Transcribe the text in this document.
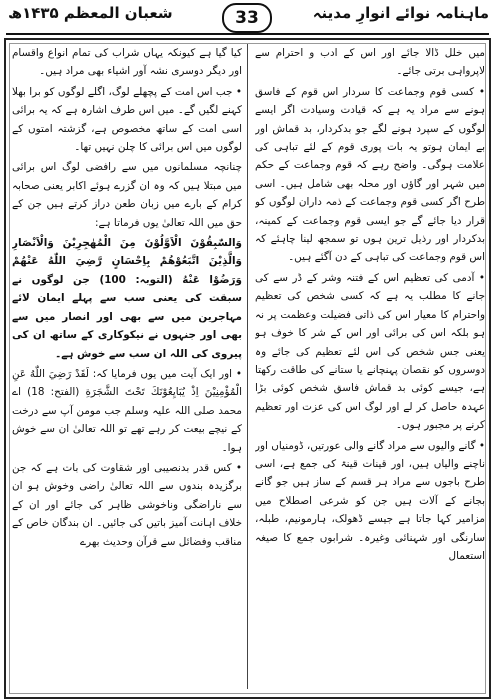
ماہنامہ نوائے انوارِ مدینہ
33
شعبان المعظم ۱۴۳۵ھ

میں خلل ڈالا جائے اور اس کے ادب و احترام سے لاپرواہی برتی جائے۔

• کسی قوم وجماعت کا سردار اس قوم کے فاسق ہونے سے مراد یہ ہے کہ قیادت وسیادت اگر ایسے لوگوں کے سپرد ہونے لگے جو بدکردار، بد قماش اور بے ایمان ہوتو یہ بات پوری قوم کے لئے تباہی کی علامت ہوگی۔ واضح رہے کہ قوم وجماعت کے حکم میں شہر اور گاؤں اور محلہ بھی شامل ہیں۔ اسی طرح اگر کسی قوم وجماعت کے ذمہ داران لوگوں کو قرار دیا جائے گے جو ایسی قوم وجماعت کے کمینہ، بدکردار اور رذیل ترین ہوں تو سمجھ لینا چاہئے کہ اس قوم وجماعت کی تباہی کے دن آگئے ہیں۔

• آدمی کی تعظیم اس کے فتنہ وشر کے ڈر سے کی جانے کا مطلب یہ ہے کہ کسی شخص کی تعظیم واحترام کا معیار اس کی ذاتی فضیلت وعظمت پر نہ ہو بلکہ اس کی برائی اور اس کے شر کا خوف ہو یعنی جس شخص کی اس لئے تعظیم کی جائے وہ دوسروں کو نقصان پہنچانے یا ستانے کی طاقت رکھتا ہے، جیسے کوئی بد قماش فاسق شخص کوئی بڑا عہدہ حاصل کر لے اور لوگ اس کی عزت اور تعظیم کرنے پر مجبور ہوں۔

• گانے والیوں سے مراد گانے والی عورتیں، ڈومنیاں اور ناچنے والیاں ہیں، اور قینات قینۃ کی جمع ہے، اسی طرح باجوں سے مراد ہر قسم کے ساز ہیں جو گانے بجانے کے آلات ہیں جن کو شرعی اصطلاح میں مزامیر کہا جاتا ہے جیسے ڈھولک، ہارمونیم، طبلہ، سارنگی اور شہنائی وغیرہ۔ شرابوں جمع کا صیغہ استعمال

کیا گیا ہے کیونکہ یہاں شراب کی تمام انواع واقسام اور دیگر دوسری نشہ آور اشیاء بھی مراد ہیں۔

• جب اس امت کے پچھلے لوگ، اگلے لوگوں کو برا بھلا کہنے لگیں گے۔ میں اس طرف اشارہ ہے کہ یہ برائی اسی امت کے ساتھ مخصوص ہے، گزشتہ امتوں کے لوگوں میں اس برائی کا چلن نہیں تھا۔

چنانچہ مسلمانوں میں سے رافضی لوگ اس برائی میں مبتلا ہیں کہ وہ ان گزرے ہوئے اکابر یعنی صحابہ کرام کے بارے میں زبان طعن دراز کرتے ہیں جن کے حق میں اللہ تعالیٰ یوں فرماتا ہے:

وَالسّٰبِقُوْنَ الْاَوَّلُوْنَ مِنَ الْمُهٰجِرِيْنَ وَالْاَنْصَارِ وَالَّذِيْنَ اتَّبَعُوْهُمْ بِاِحْسَانٍ رَّضِيَ اللّٰهُ عَنْهُمْ وَرَضُوْا عَنْهُ (التوبہ: 100) جن لوگوں نے سبقت کی یعنی سب سے پہلے ایمان لائے مہاجرین میں سے بھی اور انصار میں سے بھی اور جنہوں نے نیکوکاری کے ساتھ ان کی پیروی کی اللہ ان سب سے خوش ہے۔

• اور ایک آیت میں یوں فرمایا کہ: لَقَدْ رَضِيَ اللّٰهُ عَنِ الْمُؤْمِنِيْنَ اِذْ يُبَايِعُوْنَكَ تَحْتَ الشَّجَرَةِ (الفتح: 18) اے محمد صلی اللہ علیہ وسلم جب مومن آپ سے درخت کے نیچے بیعت کر رہے تھے تو اللہ تعالیٰ ان سے خوش ہوا۔

• کس قدر بدنصیبی اور شقاوت کی بات ہے کہ جن برگزیدہ بندوں سے اللہ تعالیٰ راضی وخوش ہو ان سے ناراضگی وناخوشی ظاہر کی جائے اور ان کے خلاف اہانت آمیز باتیں کی جائیں۔ ان بندگان خاص کے مناقب وفضائل سے قرآن وحدیث بھرے
